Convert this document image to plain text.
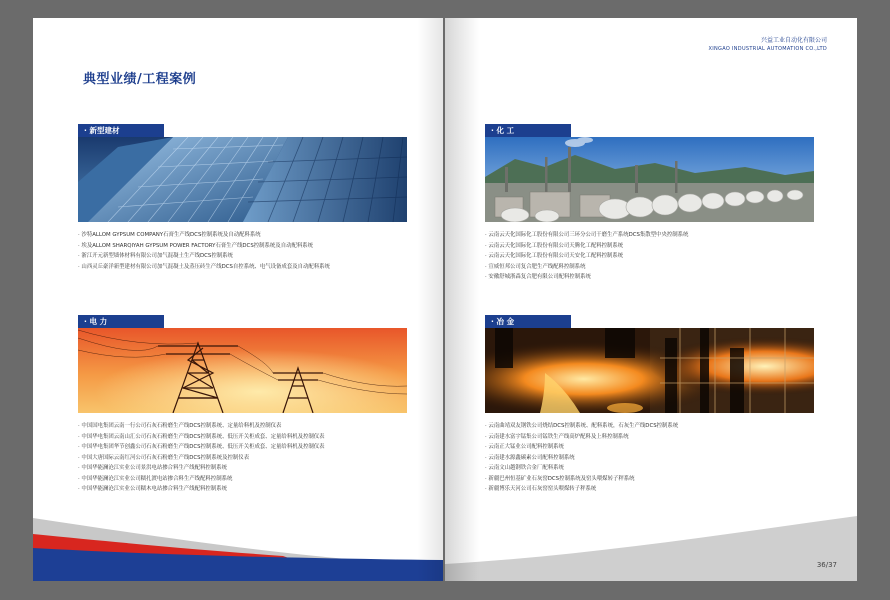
典型业绩/工程案例
· 新型建材
· 沙特ALLOM GYPSUM COMPANY石膏生产线DCS控制系统及自动配料系统
· 埃及ALLOM SHARQIYAH GYPSUM POWER FACTORY石膏生产线DCS控制系统及自动配料系统
· 浙江开元新型墙体材料有限公司加气混凝土生产线DCS控制系统
· 山西灵丘豪洋新型建材有限公司加气混凝土及蒸压砖生产线DCS自控系统、电气设备成套及自动配料系统
· 电 力
· 中国国电集团云南一行公司石灰石粉磨生产线DCS控制系统、定量给料机及控制仪表
· 中国华电集团云南山汇公司石灰石粉磨生产线DCS控制系统、低压开关柜成套、定量给料机及控制仪表
· 中国华电集团华节创鑫公司石灰石粉磨生产线DCS控制系统、低压开关柜成套、定量给料机及控制仪表
· 中国大唐国际云南红河公司石灰石粉磨生产线DCS控制系统及控制仪表
· 中国华能澜沧江实业公司景洪电站掺合料生产线配料控制系统
· 中国华能澜沧江实业公司糯扎渡电站掺合料生产线配料控制系统
· 中国华能澜沧江实业公司糯木电站掺合料生产线配料控制系统
兴益工业自动化有限公司
XINGAO INDUSTRIAL AUTOMATION CO.,LTD
· 化 工
· 云南云天化国际化工股份有限公司三环分公司干磨生产系统DCS集散型中央控制系统
· 云南云天化国际化工股份有限公司天腾化工配料控制系统
· 云南云天化国际化工股份有限公司天安化工配料控制系统
· 宣威恒邦公司复合肥生产线配料控制系统
· 安徽舒城浙森复合肥有限公司配料控制系统
· 冶 金
· 云南曲靖双友钢铁公司烧结DCS控制系统、配料系统，石灰生产线DCS控制系统
· 云南建水富宇锰集公司锰铁生产线高炉配料及上料控制系统
· 云南正大锰业公司配料控制系统
· 云南建水源鑫碳素公司配料控制系统
· 云南文山越钢铁合金厂配料系统
· 新疆巴州恒基矿业石灰窑DCS控制系统及窑头喂煤转子秤系统
· 新疆博乐天河公司石灰窑窑头喂煤转子秤系统
36/37
